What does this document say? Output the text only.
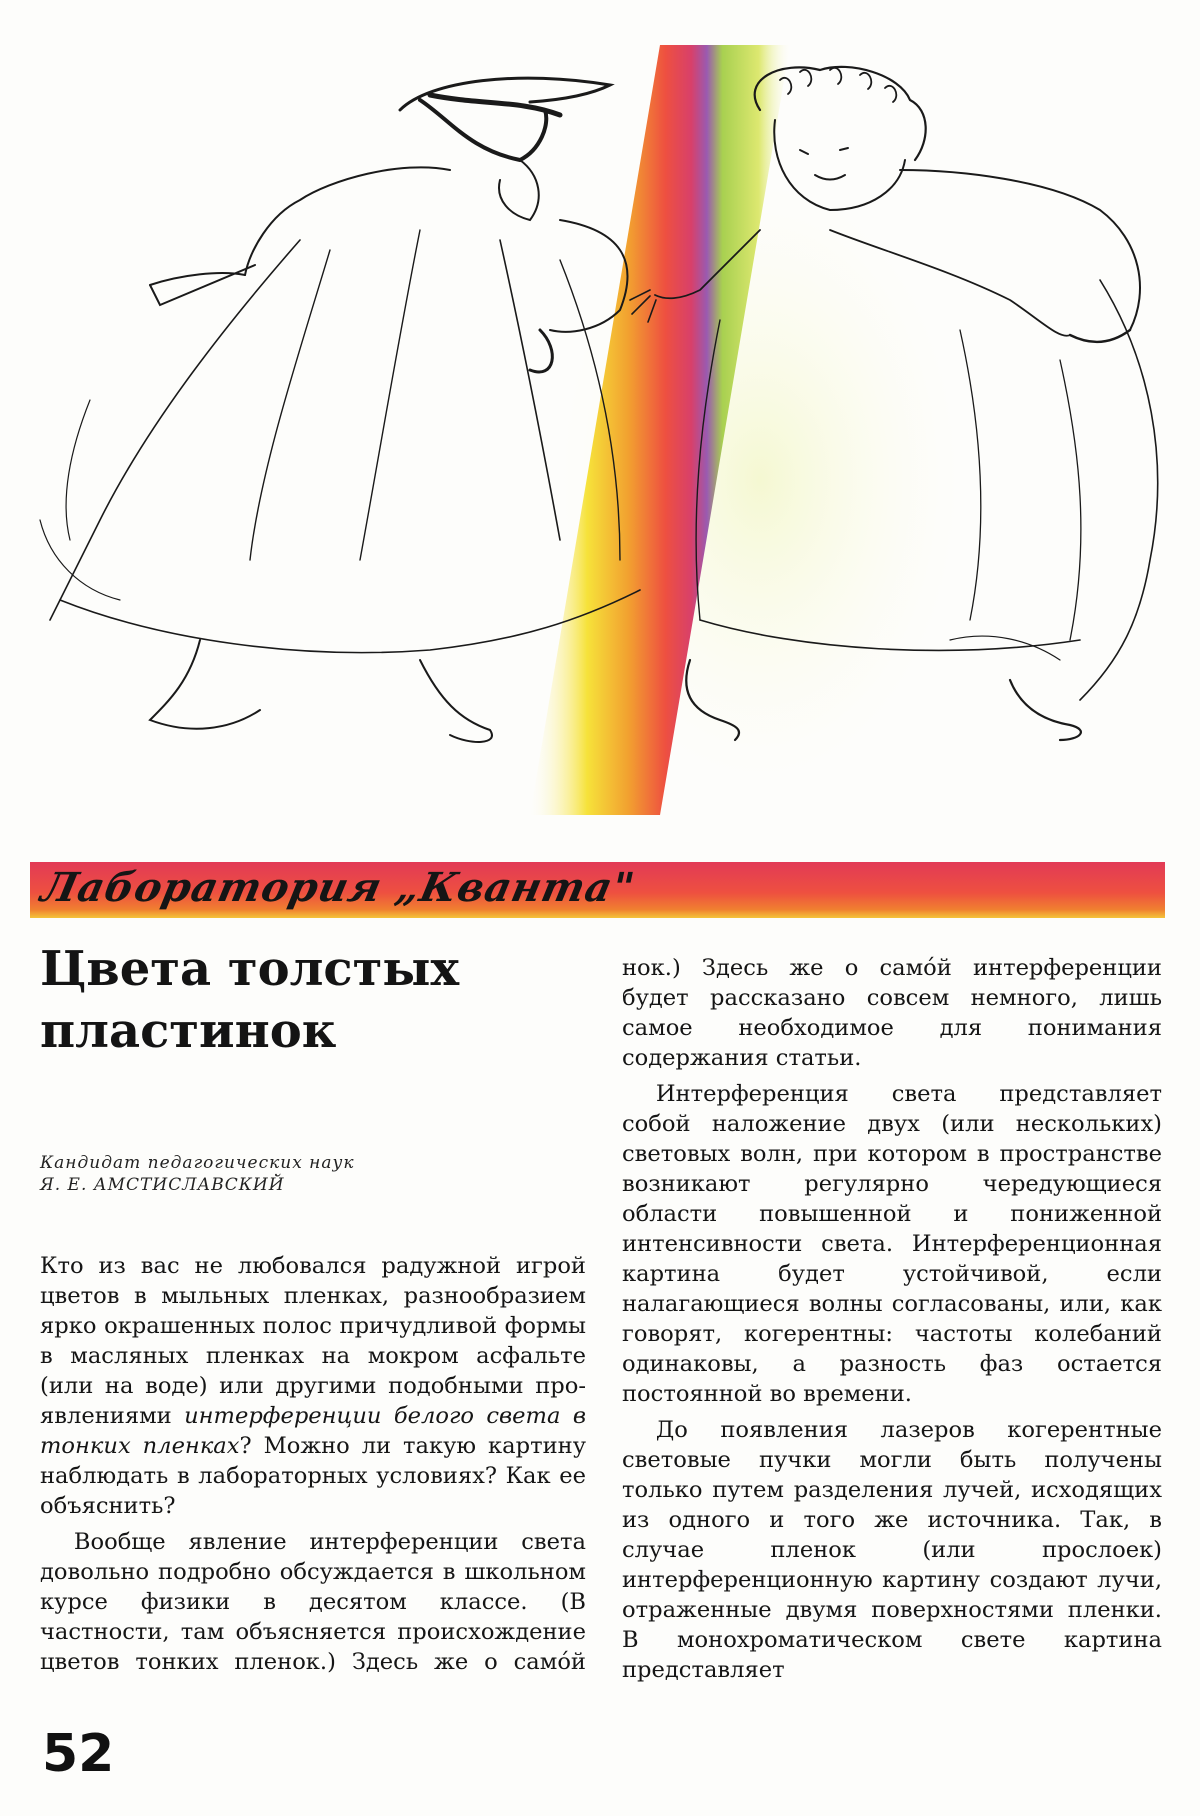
Лаборатория „Кванта"
Цвета толстых пластинок
Кандидат педагогических наук
Я. Е. АМСТИСЛАВСКИЙ

Кто из вас не любовался радужной игрой цветов в мыльных пленках, разнообразием ярко окрашенных полос причудливой формы в масляных пленках на мокром асфальте (или на воде) или другими подобными проявлениями интерференции белого света в тонких пленках? Можно ли такую картину наблюдать в лабораторных условиях? Как ее объяснить?

Вообще явление интерференции света довольно подробно обсуждается в школьном курсе физики в десятом классе. (В частности, там объясняется происхождение цветов тонких пленок.) Здесь же о само́й

нок.) Здесь же о само́й интерференции будет рассказано совсем немного, лишь самое необходимое для понимания содержания статьи.

Интерференция света представляет собой наложение двух (или нескольких) световых волн, при котором в пространстве возникают регулярно чередующиеся области повышенной и пониженной интенсивности света. Интерференционная картина будет устойчивой, если налагающиеся волны согласованы, или, как говорят, когерентны: частоты колебаний одинаковы, а разность фаз остается постоянной во времени.

До появления лазеров когерентные световые пучки могли быть получены только путем разделения лучей, исходящих из одного и того же источника. Так, в случае пленок (или прослоек) интерференционную картину создают лучи, отраженные двумя поверхностями пленки. В монохроматическом свете картина представляет

52
